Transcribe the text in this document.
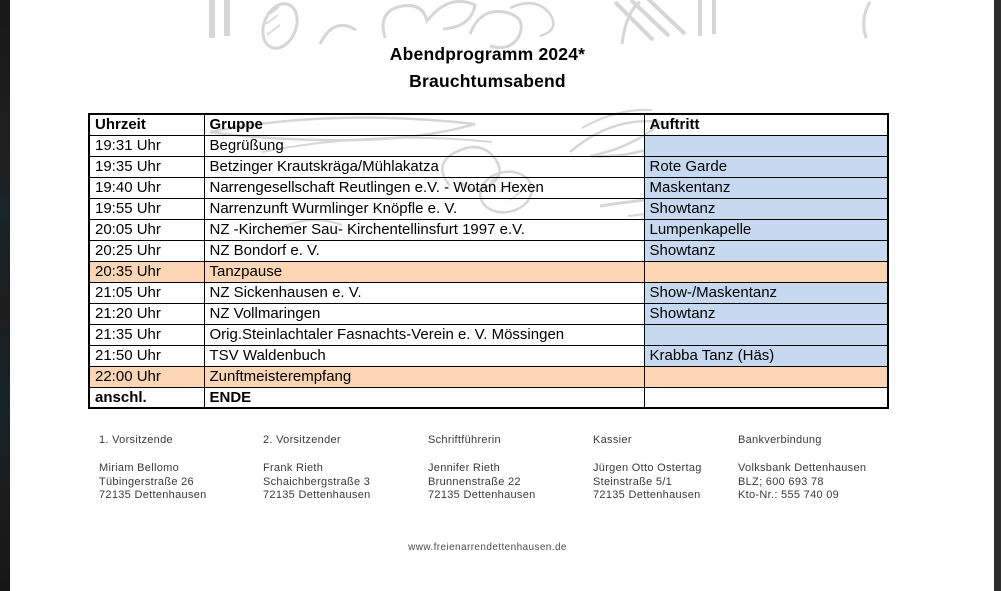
Abendprogramm 2024*
Brauchtumsabend
Uhrzeit	Gruppe	Auftritt
19:31 Uhr	Begrüßung	
19:35 Uhr	Betzinger Krautskräga/Mühlakatza	Rote Garde
19:40 Uhr	Narrengesellschaft Reutlingen e.V. - Wotan Hexen	Maskentanz
19:55 Uhr	Narrenzunft Wurmlinger Knöpfle e. V.	Showtanz
20:05 Uhr	NZ -Kirchemer Sau- Kirchentellinsfurt 1997 e.V.	Lumpenkapelle
20:25 Uhr	NZ Bondorf e. V.	Showtanz
20:35 Uhr	Tanzpause	
21:05 Uhr	NZ Sickenhausen e. V.	Show-/Maskentanz
21:20 Uhr	NZ Vollmaringen	Showtanz
21:35 Uhr	Orig.Steinlachtaler Fasnachts-Verein e. V. Mössingen	
21:50 Uhr	TSV Waldenbuch	Krabba Tanz (Häs)
22:00 Uhr	Zunftmeisterempfang	
anschl.	ENDE	
1. Vorsitzende
Miriam Bellomo
Tübingerstraße 26
72135 Dettenhausen
2. Vorsitzender
Frank Rieth
Schaichbergstraße 3
72135 Dettenhausen
Schriftführerin
Jennifer Rieth
Brunnenstraße 22
72135 Dettenhausen
Kassier
Jürgen Otto Ostertag
Steinstraße 5/1
72135 Dettenhausen
Bankverbindung
Volksbank Dettenhausen
BLZ; 600 693 78
Kto-Nr.: 555 740 09
www.freienarrendettenhausen.de
